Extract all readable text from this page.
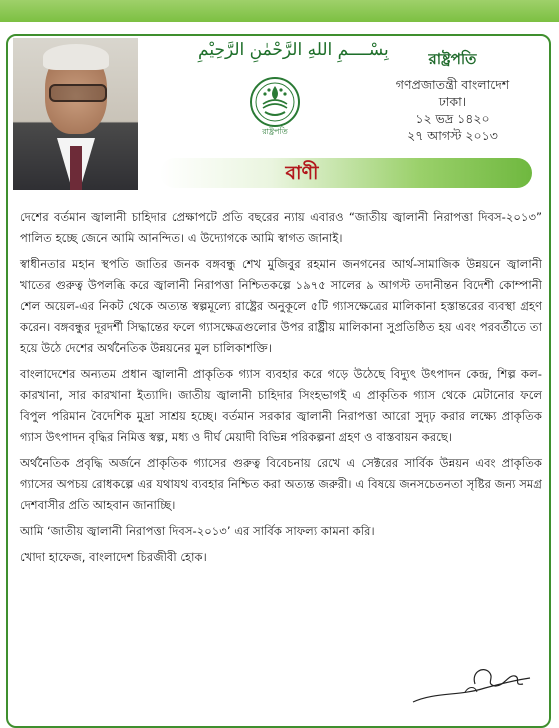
بِسْــــمِ اللهِ الرَّحْمٰنِ الرَّحِيْمِ
রাষ্ট্রপতি
রাষ্ট্রপতি
গণপ্রজাতন্ত্রী বাংলাদেশ
ঢাকা।
১২ ভদ্র ১৪২০
২৭ আগস্ট ২০১৩
বাণী

দেশের বর্তমান জ্বালানী চাহিদার প্রেক্ষাপটে প্রতি বছরের ন্যায় এবারও “জাতীয় জ্বালানী নিরাপত্তা দিবস-২০১৩” পালিত হচ্ছে জেনে আমি আনন্দিত। এ উদ্যোগকে আমি স্বাগত জানাই।

স্বাধীনতার মহান স্থপতি জাতির জনক বঙ্গবন্ধু শেখ মুজিবুর রহমান জনগনের আর্থ-সামাজিক উন্নয়নে জ্বালানী খাতের গুরুত্ব উপলব্ধি করে জ্বালানী নিরাপত্তা নিশ্চিতকল্পে ১৯৭৫ সালের ৯ আগস্ট তদানীন্তন বিদেশী কোম্পানী শেল অয়েল-এর নিকট থেকে অত্যন্ত স্বল্পমূল্যে রাষ্ট্রের অনুকূলে ৫টি গ্যাসক্ষেত্রের মালিকানা হস্তান্তরের ব্যবস্থা গ্রহণ করেন। বঙ্গবন্ধুর দূরদর্শী সিদ্ধান্তের ফলে গ্যাসক্ষেত্রগুলোর উপর রাষ্ট্রীয় মালিকানা সুপ্রতিষ্ঠিত হয় এবং পরবর্তীতে তা হয়ে উঠে দেশের অর্থনৈতিক উন্নয়নের মুল চালিকাশক্তি।

বাংলাদেশের অন্যতম প্রধান জ্বালানী প্রাকৃতিক গ্যাস ব্যবহার করে গড়ে উঠেছে বিদ্যুৎ উৎপাদন কেন্দ্র, শিল্প কল-কারখানা, সার কারখানা ইত্যাদি। জাতীয় জ্বালানী চাহিদার সিংহভাগই এ প্রাকৃতিক গ্যাস থেকে মেটানোর ফলে বিপুল পরিমান বৈদেশিক মুদ্রা সাশ্রয় হচ্ছে। বর্তমান সরকার জ্বালানী নিরাপত্তা আরো সুদৃঢ় করার লক্ষ্যে প্রাকৃতিক গ্যাস উৎপাদন বৃদ্ধির নিমিত্ত স্বল্প, মধ্য ও দীর্ঘ মেয়াদী বিভিন্ন পরিকল্পনা গ্রহণ ও বাস্তবায়ন করছে।

অর্থনৈতিক প্রবৃদ্ধি অর্জনে প্রাকৃতিক গ্যাসের গুরুত্ব বিবেচনায় রেখে এ সেক্টরের সার্বিক উন্নয়ন এবং প্রাকৃতিক গ্যাসের অপচয় রোধকল্পে এর যথাযথ ব্যবহার নিশ্চিত করা অত্যন্ত জরুরী। এ বিষয়ে জনসচেতনতা সৃষ্টির জন্য সমগ্র দেশবাসীর প্রতি আহবান জানাচ্ছি।

আমি ‘জাতীয় জ্বালানী নিরাপত্তা দিবস-২০১৩’ এর সার্বিক সাফল্য কামনা করি।

খোদা হাফেজ, বাংলাদেশ চিরজীবী হোক।
